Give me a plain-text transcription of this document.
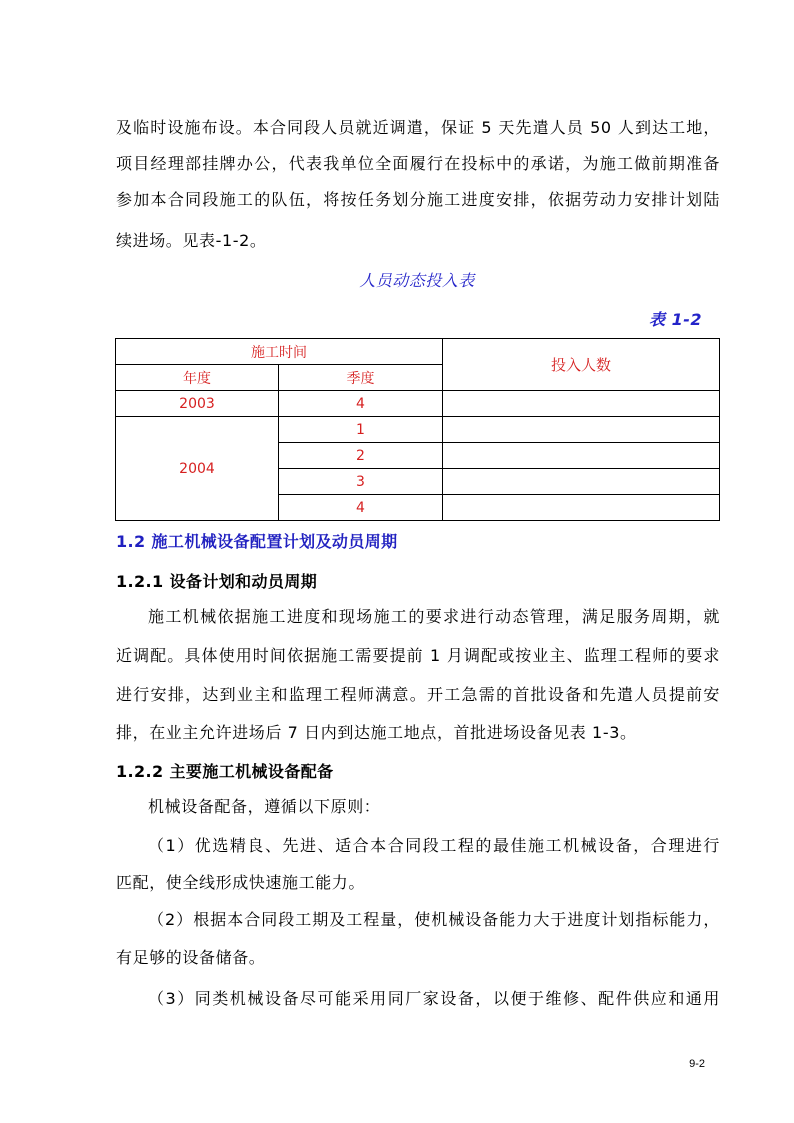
及临时设施布设。本合同段人员就近调遣，保证 5 天先遣人员 50 人到达工地，
项目经理部挂牌办公，代表我单位全面履行在投标中的承诺，为施工做前期准备
参加本合同段施工的队伍，将按任务划分施工进度安排，依据劳动力安排计划陆
续进场。见表-1-2。
人员动态投入表
表 1-2
施工时间		投入人数
年度	季度	
2003	4	
2004	1	
	2	
	3	
	4	
1.2 施工机械设备配置计划及动员周期
1.2.1 设备计划和动员周期
施工机械依据施工进度和现场施工的要求进行动态管理，满足服务周期，就
近调配。具体使用时间依据施工需要提前 1 月调配或按业主、监理工程师的要求
进行安排，达到业主和监理工程师满意。开工急需的首批设备和先遣人员提前安
排，在业主允许进场后 7 日内到达施工地点，首批进场设备见表 1-3。
1.2.2 主要施工机械设备配备
机械设备配备，遵循以下原则：
（1）优选精良、先进、适合本合同段工程的最佳施工机械设备，合理进行
匹配，使全线形成快速施工能力。
（2）根据本合同段工期及工程量，使机械设备能力大于进度计划指标能力，
有足够的设备储备。
（3）同类机械设备尽可能采用同厂家设备，以便于维修、配件供应和通用
9-2
